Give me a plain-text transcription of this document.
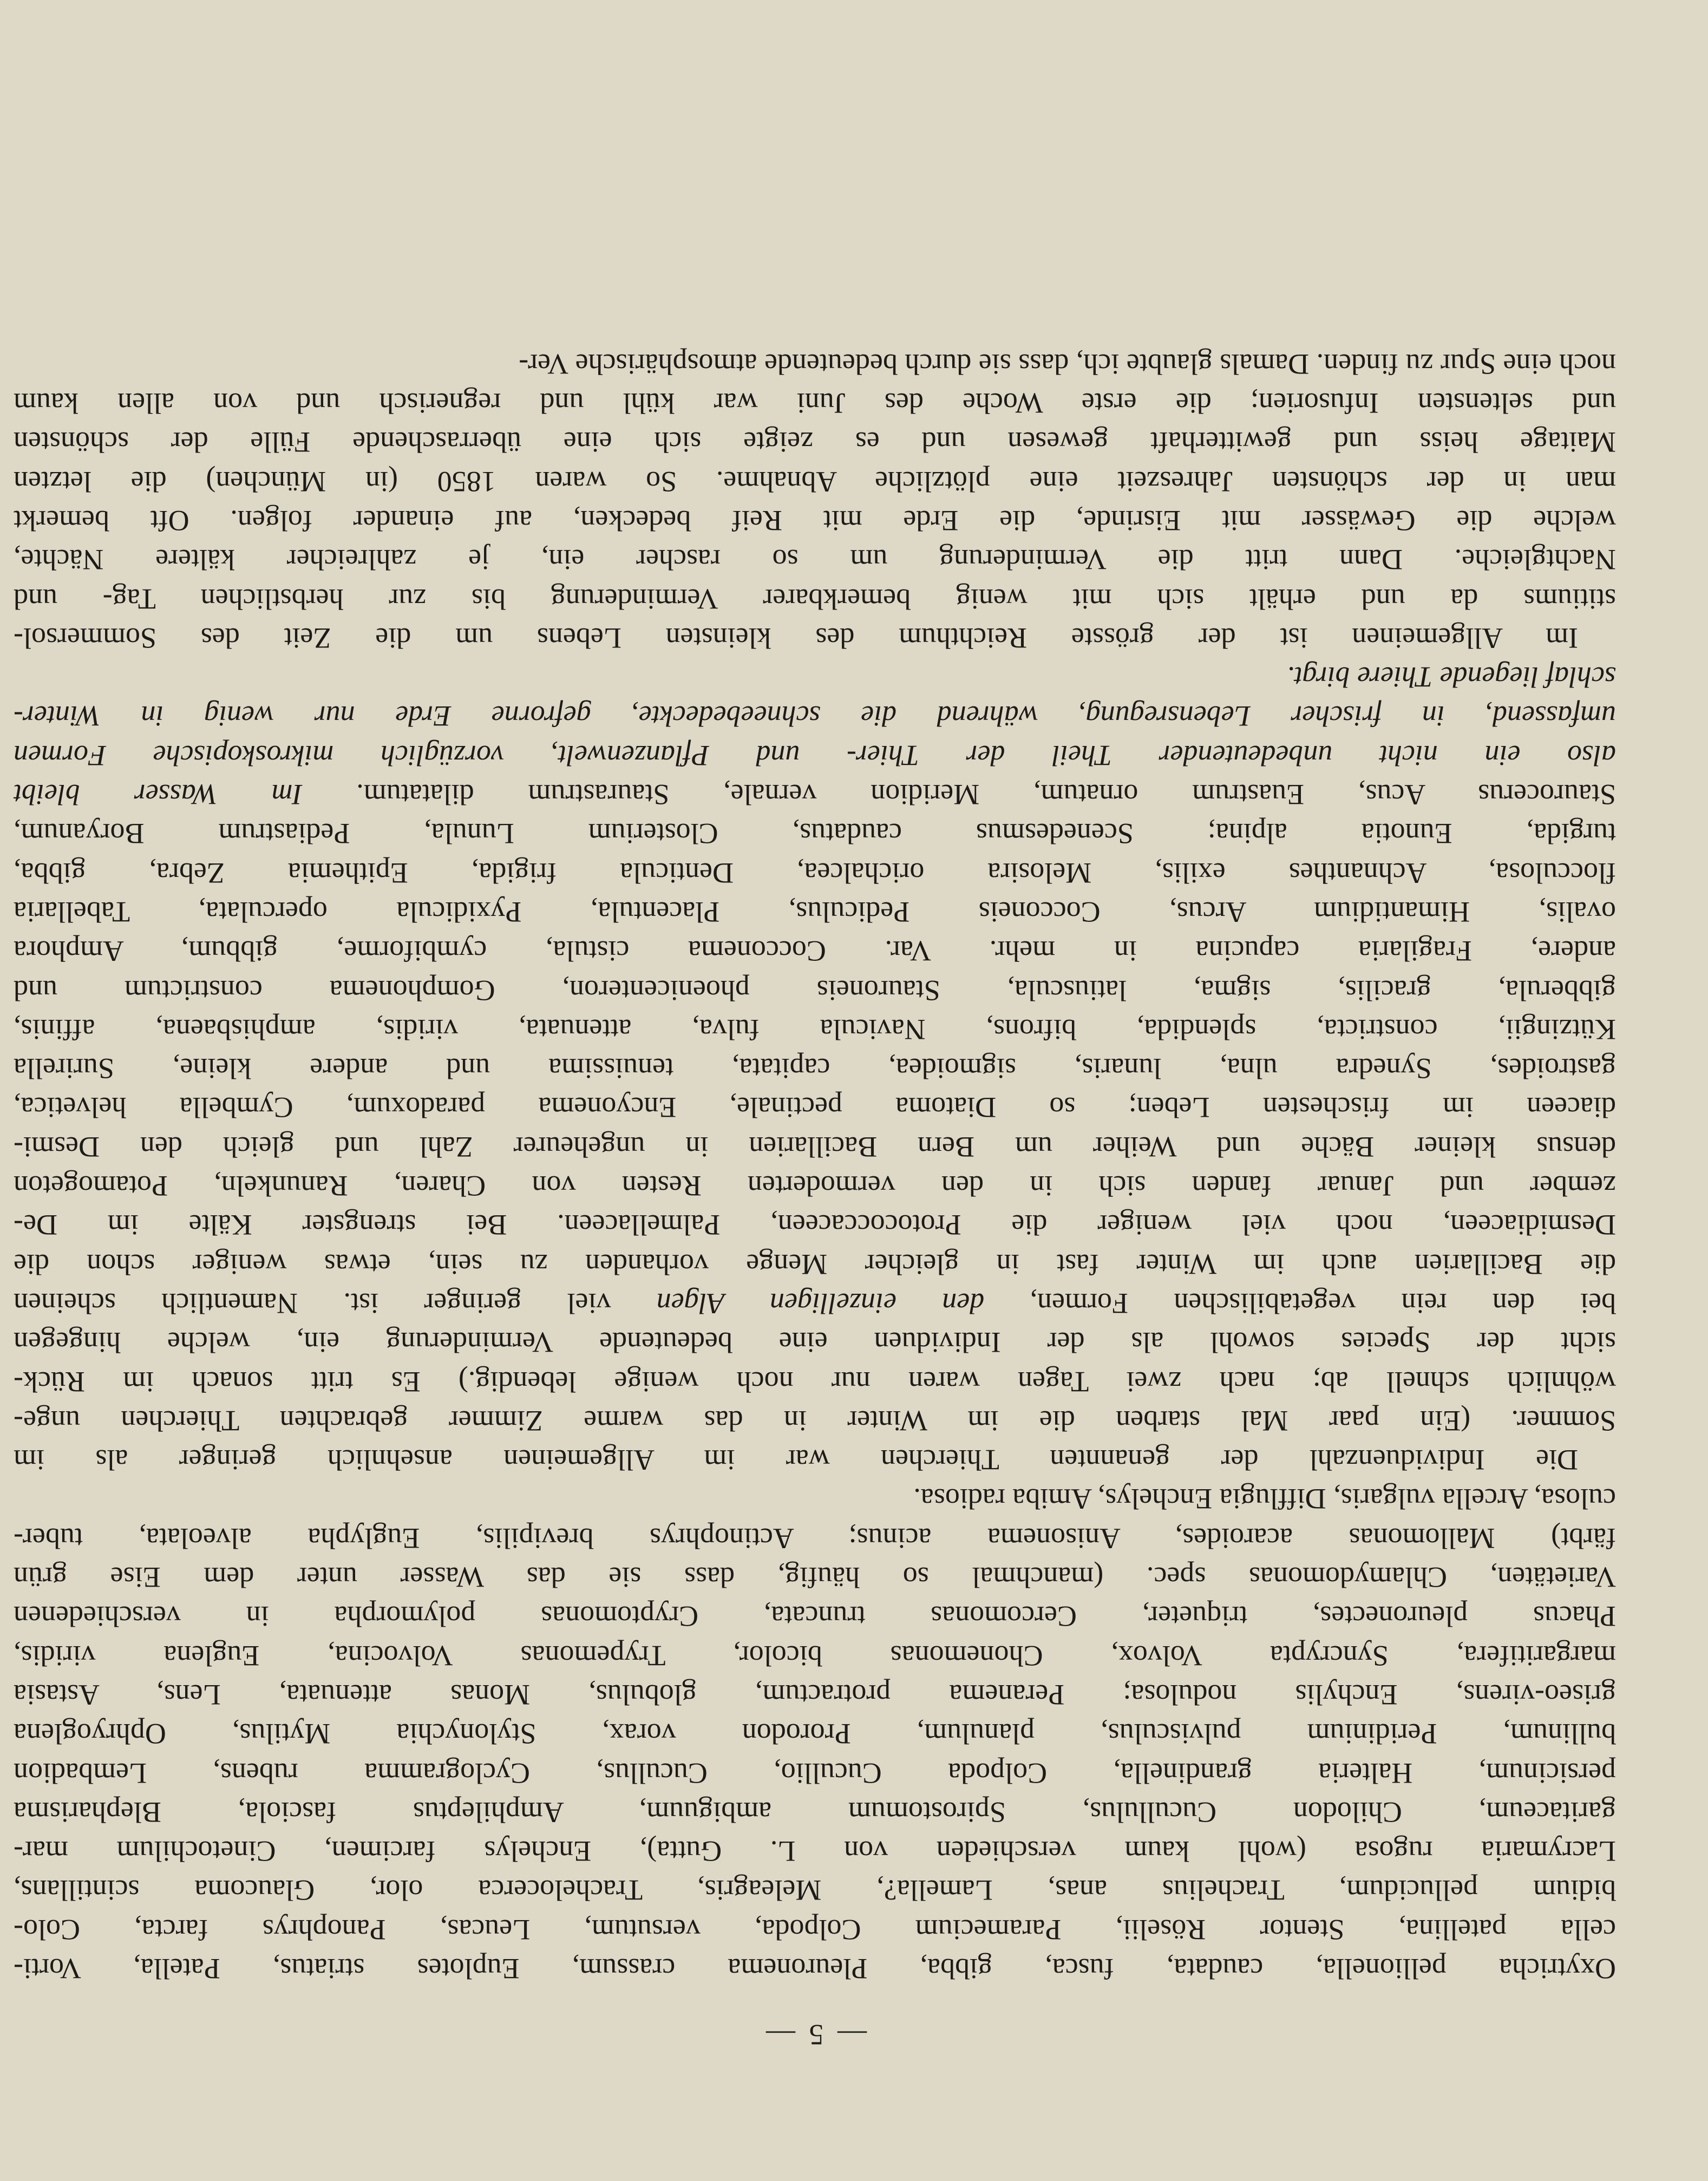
— 5 —

Oxytricha pellionella, caudata, fusca, gibba, Pleuronema crassum, Euplotes striatus, Patella, Vorti-

cella patellina, Stentor Röselii, Paramecium Colpoda, versutum, Leucas, Panophrys farcta, Colo-

bidium pellucidum, Trachelius anas, Lamella?, Meleagris, Trachelocerca olor, Glaucoma scintillans,

Lacrymaria rugosa (wohl kaum verschieden von L. Gutta), Enchelys farcimen, Cinetochilum mar-

garitaceum, Chilodon Cucullulus, Spirostomum ambiguum, Amphileptus fasciola, Blepharisma

persicinum, Halteria grandinella, Colpoda Cucullio, Cucullus, Cyclogramma rubens, Lembadion

bullinum, Peridinium pulvisculus, planulum, Prorodon vorax, Stylonychia Mytilus, Ophryoglena

griseo-virens, Enchylis nodulosa; Peranema protractum, globulus, Monas attenuata, Lens, Astasia

margaritifera, Syncrypta Volvox, Chonemonas bicolor, Trypemonas Volvocina, Euglena viridis,

Phacus pleuronectes, triqueter, Cercomonas truncata, Cryptomonas polymorpha in verschiedenen

Varietäten, Chlamydomonas spec. (manchmal so häufig, dass sie das Wasser unter dem Eise grün

färbt) Mallomonas acaroides, Anisonema acinus; Actinophrys brevipilis, Euglypha alveolata, tuber-

culosa, Arcella vulgaris, Difflugia Enchelys, Amiba radiosa.

Die Individuenzahl der genannten Thierchen war im Allgemeinen ansehnlich geringer als im

Sommer. (Ein paar Mal starben die im Winter in das warme Zimmer gebrachten Thierchen unge-

wöhnlich schnell ab; nach zwei Tagen waren nur noch wenige lebendig.) Es tritt sonach im Rück-

sicht der Species sowohl als der Individuen eine bedeutende Verminderung ein, welche hingegen

bei den rein vegetabilischen Formen, den einzelligen Algen viel geringer ist. Namentlich scheinen

die Bacillarien auch im Winter fast in gleicher Menge vorhanden zu sein, etwas weniger schon die

Desmidiaceen, noch viel weniger die Protococcaceen, Palmellaceen. Bei strengster Kälte im De-

zember und Januar fanden sich in den vermoderten Resten von Charen, Ranunkeln, Potamogeton

densus kleiner Bäche und Weiher um Bern Bacillarien in ungeheurer Zahl und gleich den Desmi-

diaceen im frischesten Leben; so Diatoma pectinale, Encyonema paradoxum, Cymbella helvetica,

gastroides, Synedra ulna, lunaris, sigmoidea, capitata, tenuissima und andere kleine, Surirella

Kützingii, constricta, splendida, bifrons, Navicula fulva, attenuata, viridis, amphisbaena, affinis,

gibberula, gracilis, sigma, latiuscula, Stauroneis phoenicenteron, Gomphonema constrictum und

andere, Fragilaria capucina in mehr. Var. Cocconema cistula, cymbiforme, gibbum, Amphora

ovalis, Himantidium Arcus, Cocconeis Pediculus, Placentula, Pyxidicula operculata, Tabellaria

flocculosa, Achnanthes exilis, Melosira orichalcea, Denticula frigida, Epithemia Zebra, gibba,

turgida, Eunotia alpina; Scenedesmus caudatus, Closterium Lunula, Pediastrum Boryanum,

Staurocerus Acus, Euastrum ornatum, Meridion vernale, Staurastrum dilatatum. Im Wasser bleibt

also ein nicht unbedeutender Theil der Thier- und Pflanzenwelt, vorzüglich mikroskopische Formen

umfassend, in frischer Lebensregung, während die schneebedeckte, gefrorne Erde nur wenig in Winter-

schlaf liegende Thiere birgt.

Im Allgemeinen ist der grösste Reichthum des kleinsten Lebens um die Zeit des Sommersol-

stitiums da und erhält sich mit wenig bemerkbarer Verminderung bis zur herbstlichen Tag- und

Nachtgleiche. Dann tritt die Verminderung um so rascher ein, je zahlreicher kältere Nächte,

welche die Gewässer mit Eisrinde, die Erde mit Reif bedecken, auf einander folgen. Oft bemerkt

man in der schönsten Jahreszeit eine plötzliche Abnahme. So waren 1850 (in München) die letzten

Maitage heiss und gewitterhaft gewesen und es zeigte sich eine überraschende Fülle der schönsten

und seltensten Infusorien; die erste Woche des Juni war kühl und regnerisch und von allen kaum

noch eine Spur zu finden. Damals glaubte ich, dass sie durch bedeutende atmosphärische Ver-
